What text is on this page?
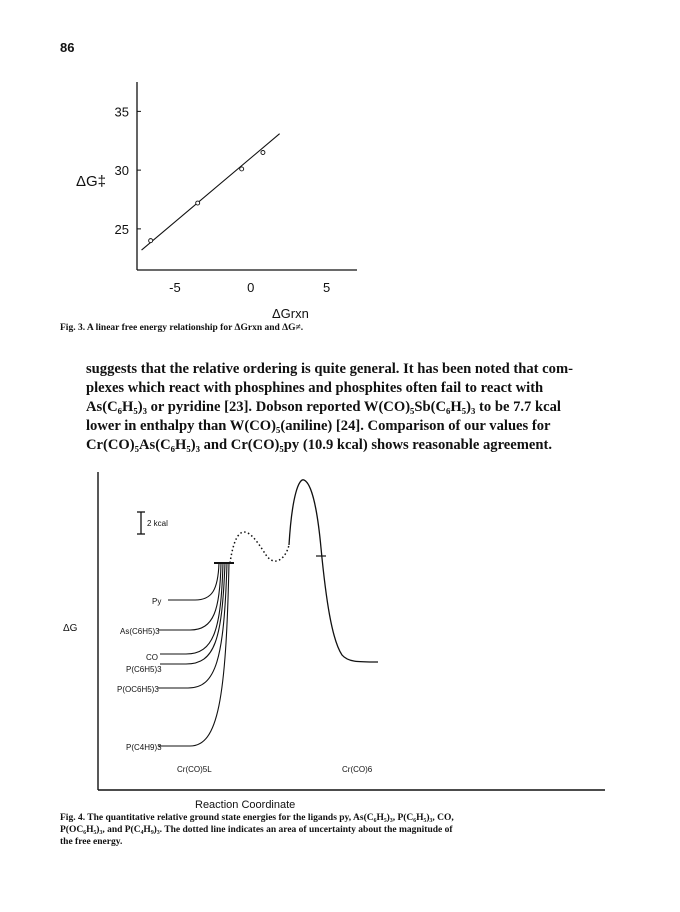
86
25
30
35
-5	0	5
ΔG‡
ΔGrxn
Fig. 3. A linear free energy relationship for ΔGrxn and ΔG≠.

suggests that the relative ordering is quite general. It has been noted that com-

plexes which react with phosphines and phosphites often fail to react with

As(C₆H₅)₃ or pyridine [23]. Dobson reported W(CO)₅Sb(C₆H₅)₃ to be 7.7 kcal

lower in enthalpy than W(CO)₅(aniline) [24]. Comparison of our values for

Cr(CO)₅As(C₆H₅)₃ and Cr(CO)₅py (10.9 kcal) shows reasonable agreement.

2 kcal
ΔG
Py
As(C6H5)3
CO
P(C6H5)3
P(OC6H5)3
P(C4H9)3
Cr(CO)5L	Cr(CO)6
Reaction Coordinate
Fig. 4. The quantitative relative ground state energies for the ligands py, As(C₆H₅)₃, P(C₆H₅)₃, CO,
P(OC₆H₅)₃, and P(C₄H₉)₃. The dotted line indicates an area of uncertainty about the magnitude of
the free energy.
